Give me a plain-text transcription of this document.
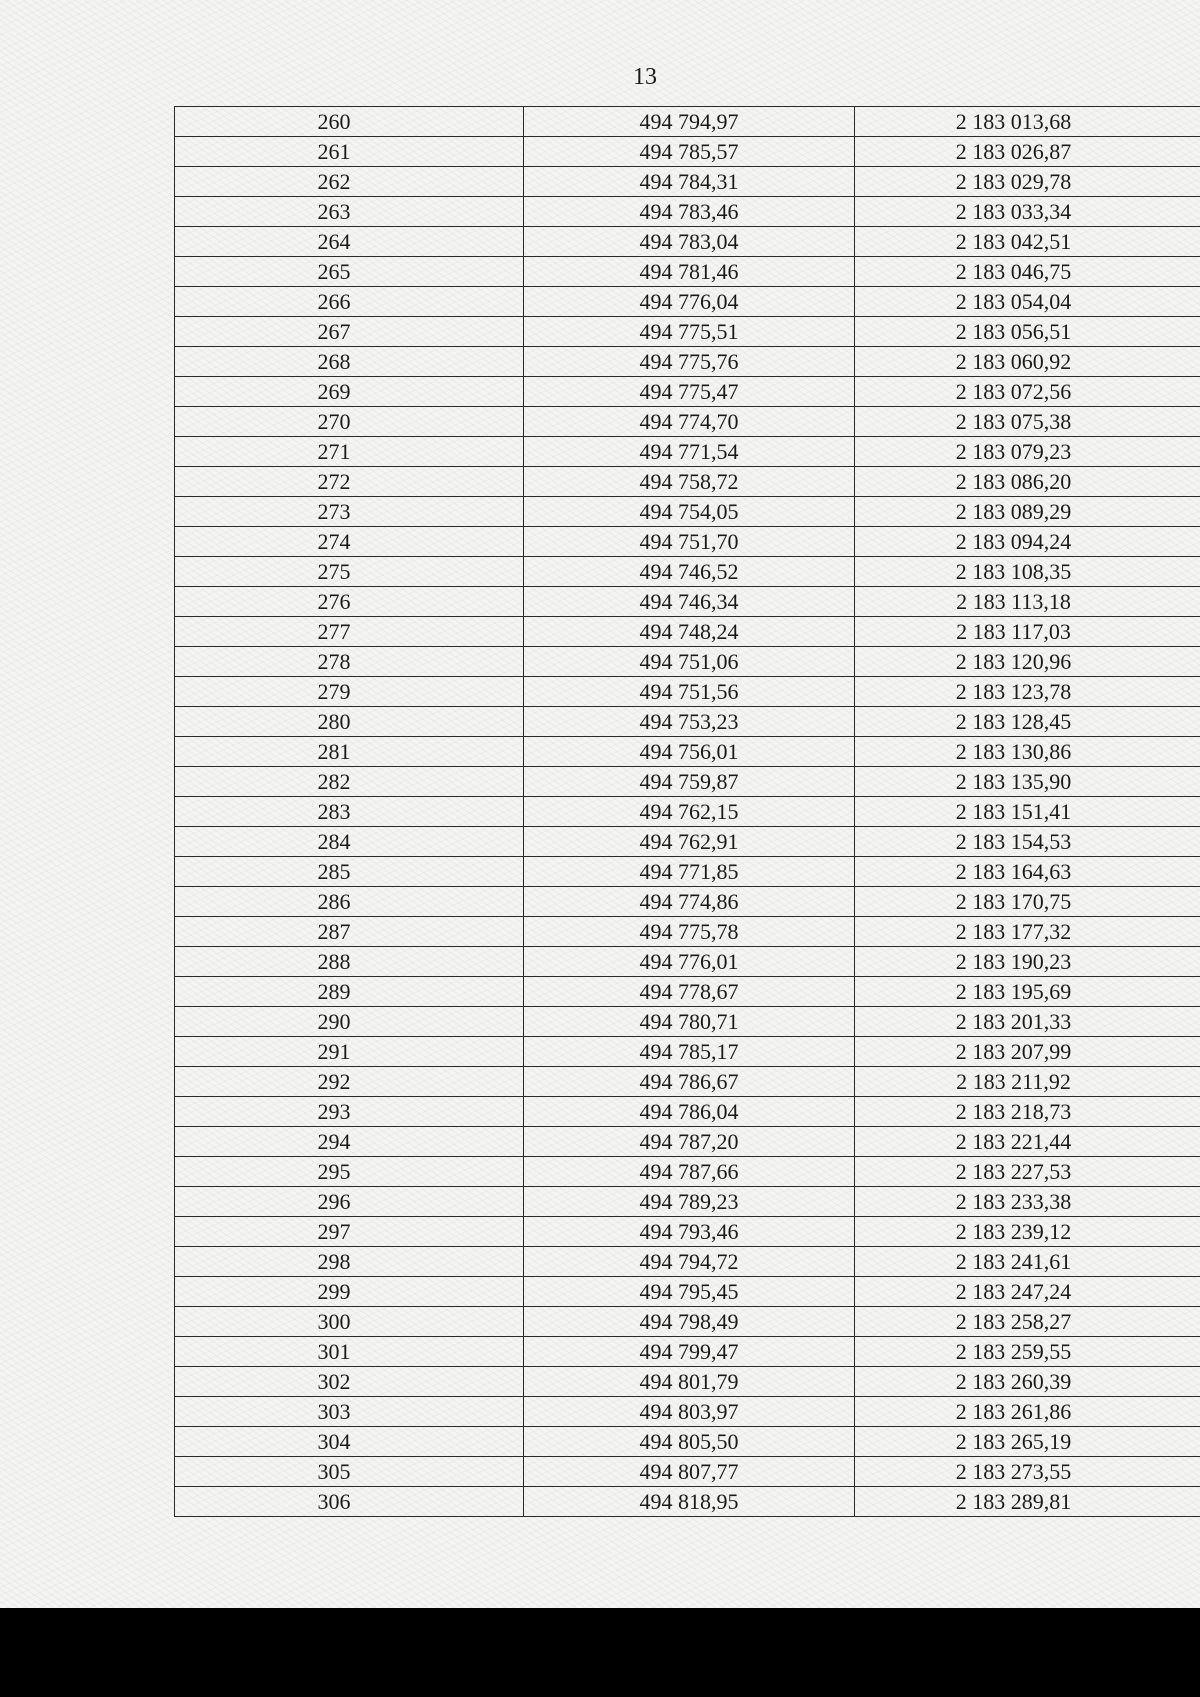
13
260	494 794,97	2 183 013,68
261	494 785,57	2 183 026,87
262	494 784,31	2 183 029,78
263	494 783,46	2 183 033,34
264	494 783,04	2 183 042,51
265	494 781,46	2 183 046,75
266	494 776,04	2 183 054,04
267	494 775,51	2 183 056,51
268	494 775,76	2 183 060,92
269	494 775,47	2 183 072,56
270	494 774,70	2 183 075,38
271	494 771,54	2 183 079,23
272	494 758,72	2 183 086,20
273	494 754,05	2 183 089,29
274	494 751,70	2 183 094,24
275	494 746,52	2 183 108,35
276	494 746,34	2 183 113,18
277	494 748,24	2 183 117,03
278	494 751,06	2 183 120,96
279	494 751,56	2 183 123,78
280	494 753,23	2 183 128,45
281	494 756,01	2 183 130,86
282	494 759,87	2 183 135,90
283	494 762,15	2 183 151,41
284	494 762,91	2 183 154,53
285	494 771,85	2 183 164,63
286	494 774,86	2 183 170,75
287	494 775,78	2 183 177,32
288	494 776,01	2 183 190,23
289	494 778,67	2 183 195,69
290	494 780,71	2 183 201,33
291	494 785,17	2 183 207,99
292	494 786,67	2 183 211,92
293	494 786,04	2 183 218,73
294	494 787,20	2 183 221,44
295	494 787,66	2 183 227,53
296	494 789,23	2 183 233,38
297	494 793,46	2 183 239,12
298	494 794,72	2 183 241,61
299	494 795,45	2 183 247,24
300	494 798,49	2 183 258,27
301	494 799,47	2 183 259,55
302	494 801,79	2 183 260,39
303	494 803,97	2 183 261,86
304	494 805,50	2 183 265,19
305	494 807,77	2 183 273,55
306	494 818,95	2 183 289,81
